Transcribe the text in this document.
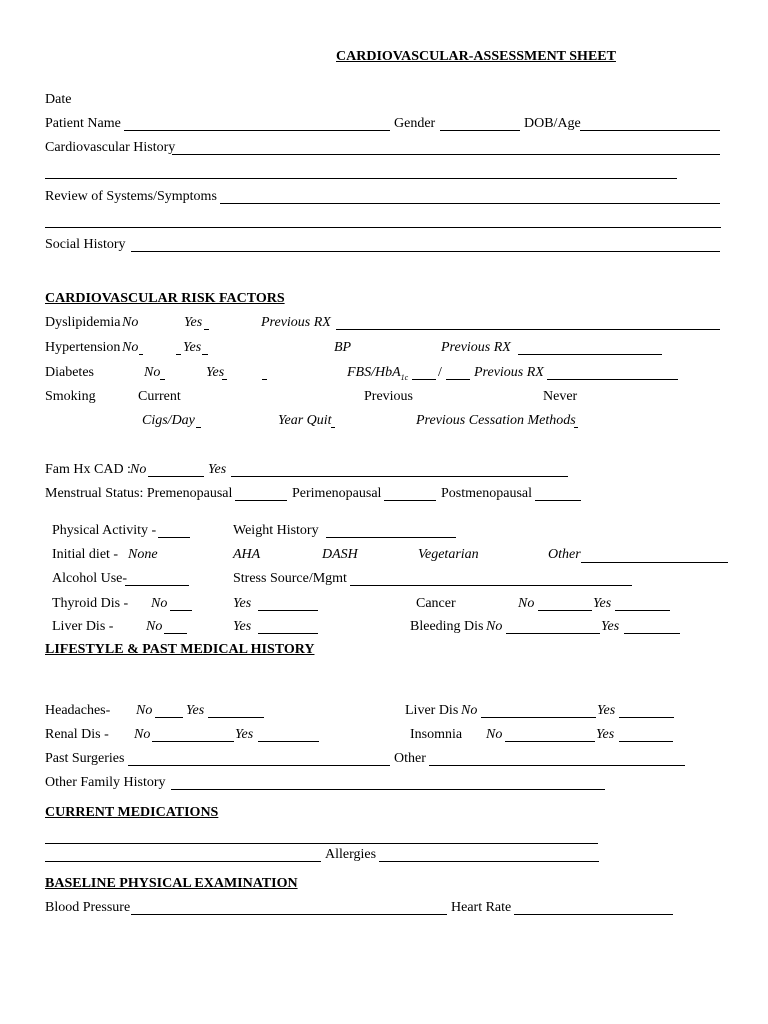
CARDIOVASCULAR-ASSESSMENT SHEET
Date
Patient Name	Gender	DOB/Age
Cardiovascular History
Review of Systems/Symptoms
Social History
CARDIOVASCULAR RISK FACTORS
Dyslipidemia No	Yes	Previous RX
Hypertension No	Yes	BP	Previous RX
Diabetes	No	Yes	FBS/HbA$_{1c}$ / Previous RX
Smoking	Current	Previous	Never
Cigs/Day	Year Quit	Previous Cessation Methods
Fam Hx CAD : No	Yes
Menstrual Status: Premenopausal	Perimenopausal	Postmenopausal
Physical Activity -	Weight History
Initial diet - None	AHA	DASH	Vegetarian	Other
Alcohol Use-	Stress Source/Mgmt
Thyroid Dis - No	Yes	Cancer	No	Yes
Liver Dis - No	Yes	Bleeding Dis No	Yes
LIFESTYLE & PAST MEDICAL HISTORY
Headaches- No Yes	Liver Dis No	Yes
Renal Dis - No	Yes	Insomnia No	Yes
Past Surgeries	Other
Other Family History
CURRENT MEDICATIONS
Allergies
BASELINE PHYSICAL EXAMINATION
Blood Pressure	Heart Rate
